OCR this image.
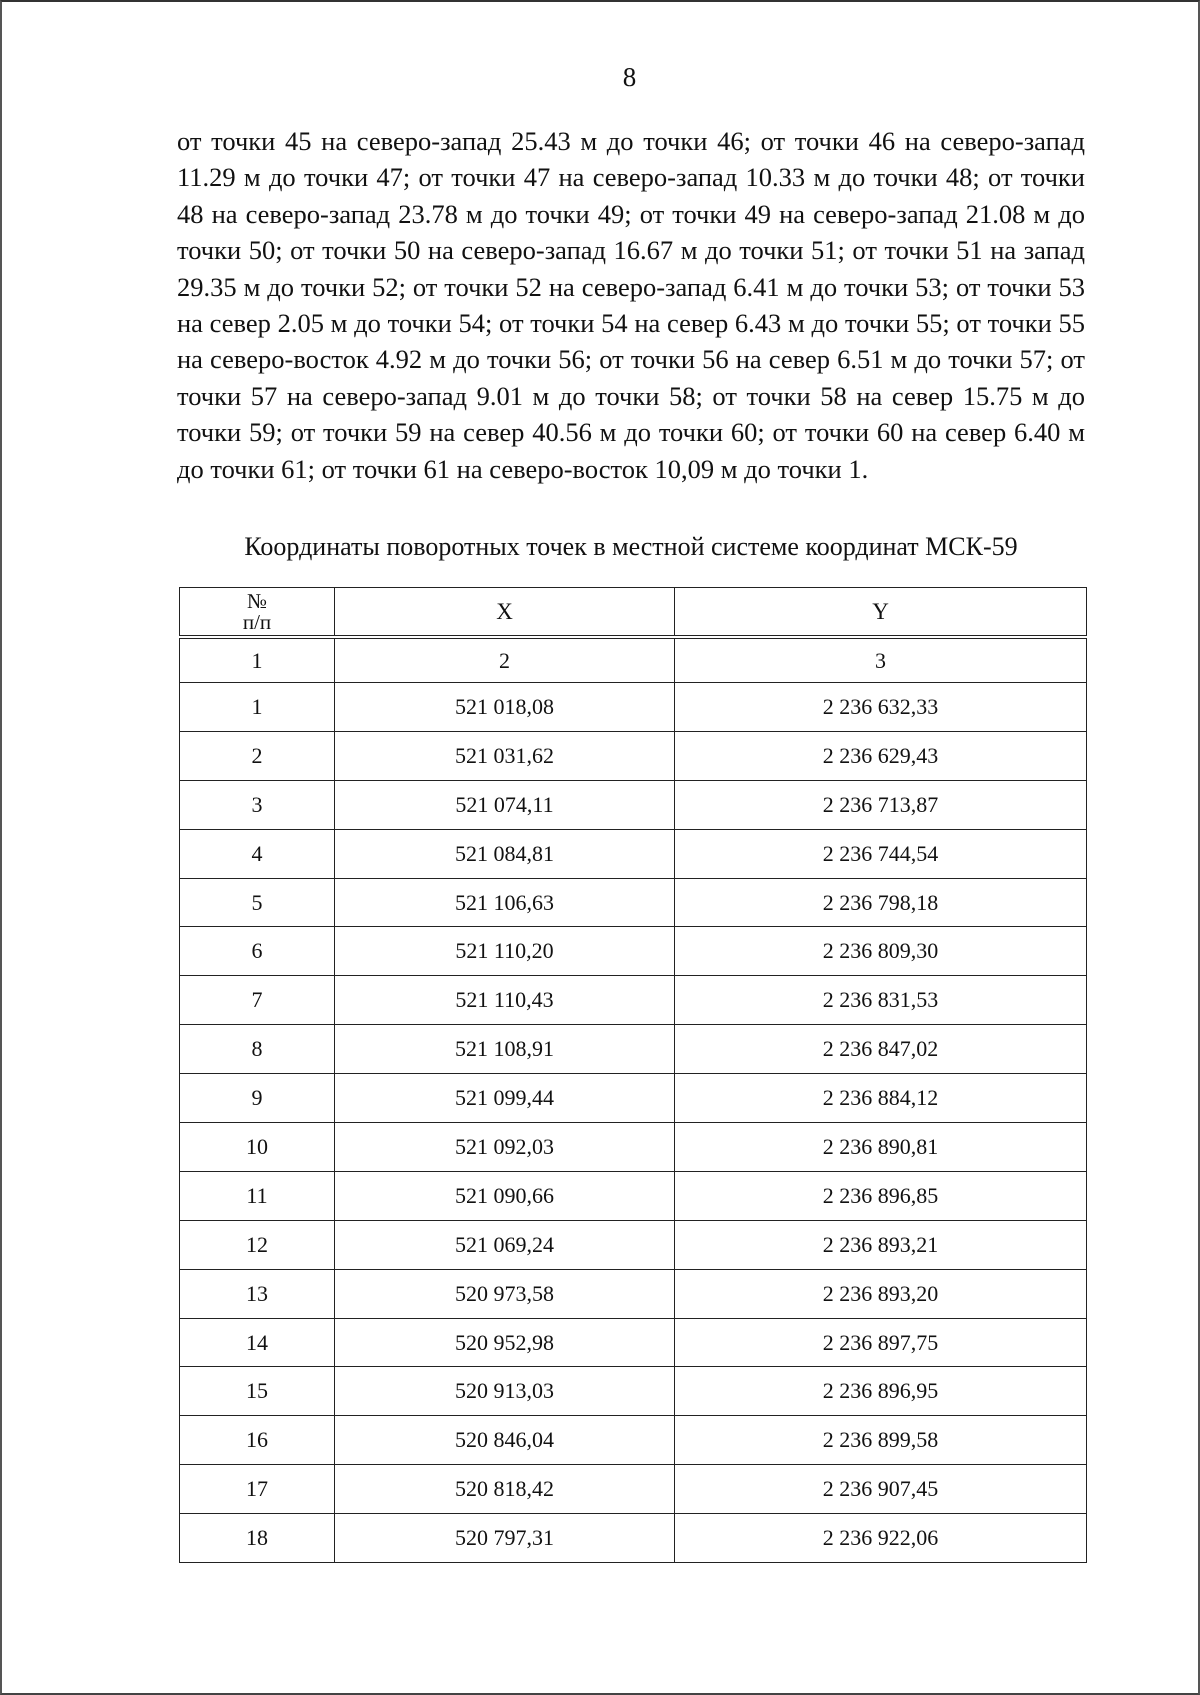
8

от точки 45 на северо-запад 25.43 м до точки 46; от точки 46 на северо-запад 11.29 м до точки 47; от точки 47 на северо-запад 10.33 м до точки 48; от точки 48 на северо-запад 23.78 м до точки 49; от точки 49 на северо-запад 21.08 м до точки 50; от точки 50 на северо-запад 16.67 м до точки 51; от точки 51 на запад 29.35 м до точки 52; от точки 52 на северо-запад 6.41 м до точки 53; от точки 53 на север 2.05 м до точки 54; от точки 54 на север 6.43 м до точки 55; от точки 55 на северо-восток 4.92 м до точки 56; от точки 56 на север 6.51 м до точки 57; от точки 57 на северо-запад 9.01 м до точки 58; от точки 58 на север 15.75 м до точки 59; от точки 59 на север 40.56 м до точки 60; от точки 60 на север 6.40 м до точки 61; от точки 61 на северо-восток 10,09 м до точки 1.

Координаты поворотных точек в местной системе координат МСК-59
№
п/п	X	Y
1	2	3
1	521 018,08	2 236 632,33
2	521 031,62	2 236 629,43
3	521 074,11	2 236 713,87
4	521 084,81	2 236 744,54
5	521 106,63	2 236 798,18
6	521 110,20	2 236 809,30
7	521 110,43	2 236 831,53
8	521 108,91	2 236 847,02
9	521 099,44	2 236 884,12
10	521 092,03	2 236 890,81
11	521 090,66	2 236 896,85
12	521 069,24	2 236 893,21
13	520 973,58	2 236 893,20
14	520 952,98	2 236 897,75
15	520 913,03	2 236 896,95
16	520 846,04	2 236 899,58
17	520 818,42	2 236 907,45
18	520 797,31	2 236 922,06
